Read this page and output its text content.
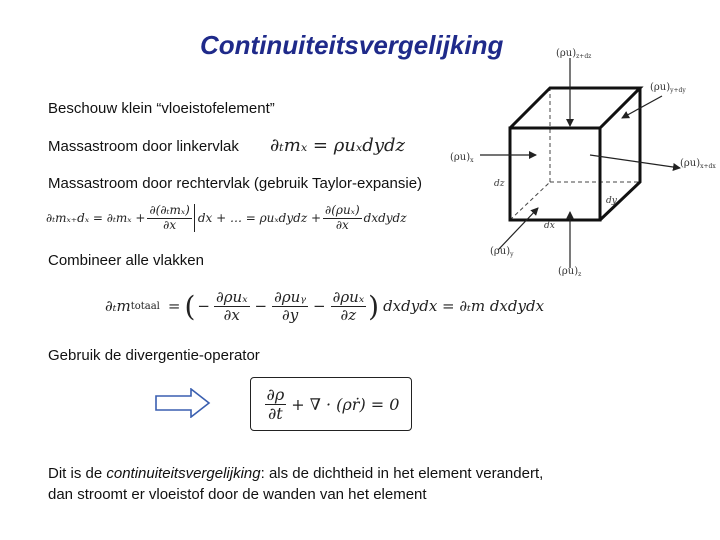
Continuiteitsvergelijking
Beschouw klein “vloeistofelement”
Massastroom door linkervlak
Massastroom door rechtervlak (gebruik Taylor-expansie)
Combineer alle vlakken
Gebruik de divergentie-operator
∂ₜmₓ = ρuₓdydz
$\partial_tm_{x+}d_x = \partial_tm_x + \frac{\text{∂(∂ₜmₓ)}}{\partial x}$ dx + … = ρuₓdydz + $\frac{\text{∂(ρuₓ)}}{\partial x}$ dxdydz
∂ₜm totaal = ( − $\frac{\text{∂ρuₓ}}{\partial x} - \frac{\text{∂ρuᵧ}}{\partial y} - \frac{\text{∂ρuₓ}}{\partial z}$ ) dxdydx = ∂ₜm dxdydx
$\frac{\partial\rho}{\partial t}$ + ∇ · (ρṙ) = 0
Dit is de continuiteitsvergelijking: als de dichtheid in het element verandert,
dan stroomt er vloeistof door de wanden van het element
$(\rho u)_{z+dz}$
$(\rho u)_{y+dy}$
$(\rho u)_x$	$(\rho u)_{x+dx}$
dz
dy
dx
$(\rho u)_y$
$(\rho u)_z$
